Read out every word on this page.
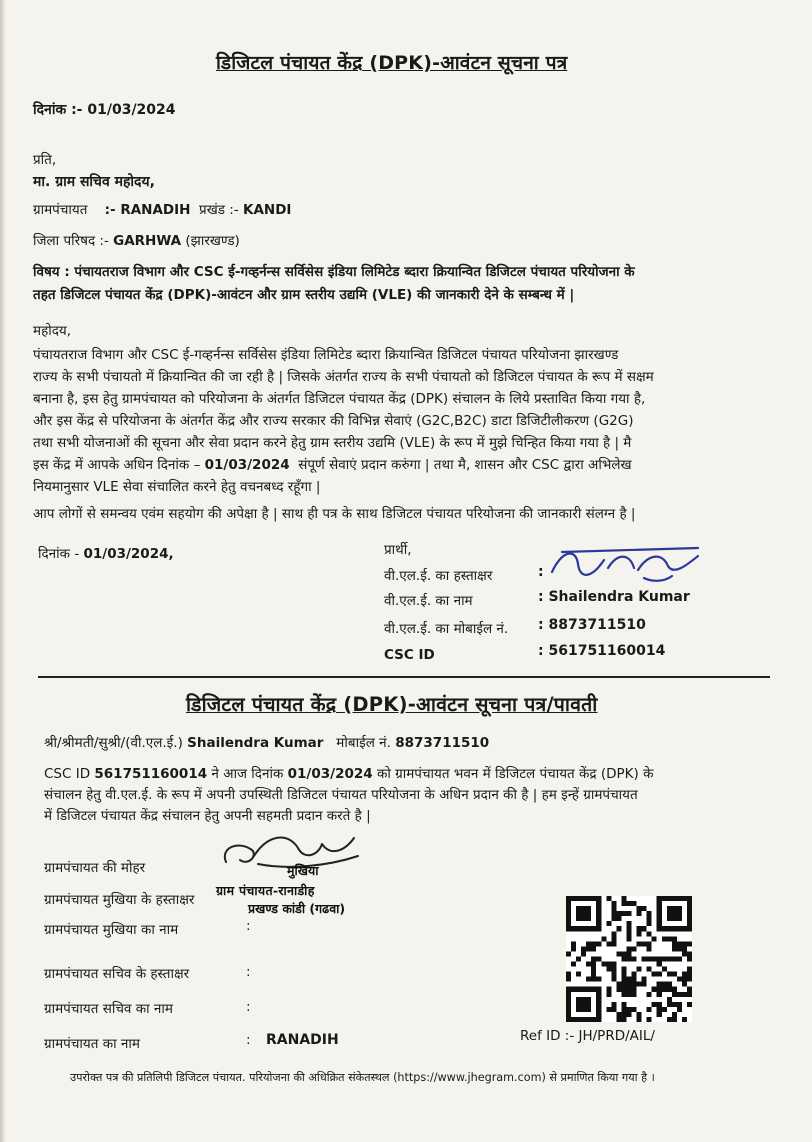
डिजिटल पंचायत केंद्र (DPK)-आवंटन सूचना पत्र
दिनांक :- 01/03/2024
प्रति,
मा. ग्राम सचिव महोदय,
ग्रामपंचायत :- RANADIH प्रखंड :- KANDI
जिला परिषद :- GARHWA (झारखण्ड)
विषय : पंचायतराज विभाग और CSC ई-गव्हर्नन्स सर्विसेस इंडिया लिमिटेड ब्दारा क्रियान्वित डिजिटल पंचायत परियोजना के
तहत डिजिटल पंचायत केंद्र (DPK)-आवंटन और ग्राम स्तरीय उद्यमि (VLE) की जानकारी देने के सम्बन्ध में |
महोदय,
पंचायतराज विभाग और CSC ई-गव्हर्नन्स सर्विसेस इंडिया लिमिटेड ब्दारा क्रियान्वित डिजिटल पंचायत परियोजना झारखण्ड
राज्य के सभी पंचायतो में क्रियान्वित की जा रही है | जिसके अंतर्गत राज्य के सभी पंचायतो को डिजिटल पंचायत के रूप में सक्षम
बनाना है, इस हेतु ग्रामपंचायत को परियोजना के अंतर्गत डिजिटल पंचायत केंद्र (DPK) संचालन के लिये प्रस्तावित किया गया है,
और इस केंद्र से परियोजना के अंतर्गत केंद्र और राज्य सरकार की विभिन्न सेवाएं (G2C,B2C) डाटा डिजिटीलीकरण (G2G)
तथा सभी योजनाओं की सूचना और सेवा प्रदान करने हेतु ग्राम स्तरीय उद्यमि (VLE) के रूप में मुझे चिन्हित किया गया है | मै
इस केंद्र में आपके अधिन दिनांक – 01/03/2024 संपूर्ण सेवाएं प्रदान करुंगा | तथा मै, शासन और CSC द्वारा अभिलेख
नियमानुसार VLE सेवा संचालित करने हेतु वचनबध्द रहूँगा |
आप लोगों से समन्वय एवंम सहयोग की अपेक्षा है | साथ ही पत्र के साथ डिजिटल पंचायत परियोजना की जानकारी संलग्न है |
दिनांक - 01/03/2024,	प्रार्थी,
वी.एल.ई. का हस्ताक्षर	:
वी.एल.ई. का नाम	: Shailendra Kumar
वी.एल.ई. का मोबाईल नं. : 8873711510
CSC ID	: 561751160014
डिजिटल पंचायत केंद्र (DPK)-आवंटन सूचना पत्र/पावती
श्री/श्रीमती/सुश्री/(वी.एल.ई.) Shailendra Kumar मोबाईल नं. 8873711510
CSC ID 561751160014 ने आज दिनांक 01/03/2024 को ग्रामपंचायत भवन में डिजिटल पंचायत केंद्र (DPK) के
संचालन हेतु वी.एल.ई. के रूप में अपनी उपस्थिती डिजिटल पंचायत परियोजना के अधिन प्रदान की है | हम इन्हें ग्रामपंचायत
में डिजिटल पंचायत केंद्र संचालन हेतु अपनी सहमती प्रदान करते है |
ग्रामपंचायत की मोहर
ग्रामपंचायत मुखिया के हस्ताक्षर
ग्रामपंचायत मुखिया का नाम	:
ग्रामपंचायत सचिव के हस्ताक्षर	:
ग्रामपंचायत सचिव का नाम	:
ग्रामपंचायत का नाम	: RANADIH
मुखिया
ग्राम पंचायत-रानाडीह
प्रखण्ड कांडी (गढवा)
Ref ID :- JH/PRD/AIL/
उपरोक्त पत्र की प्रतिलिपी डिजिटल पंचायत. परियोजना की अधिक्रित संकेतस्थल (https://www.jhegram.com) से प्रमाणित किया गया है ।
